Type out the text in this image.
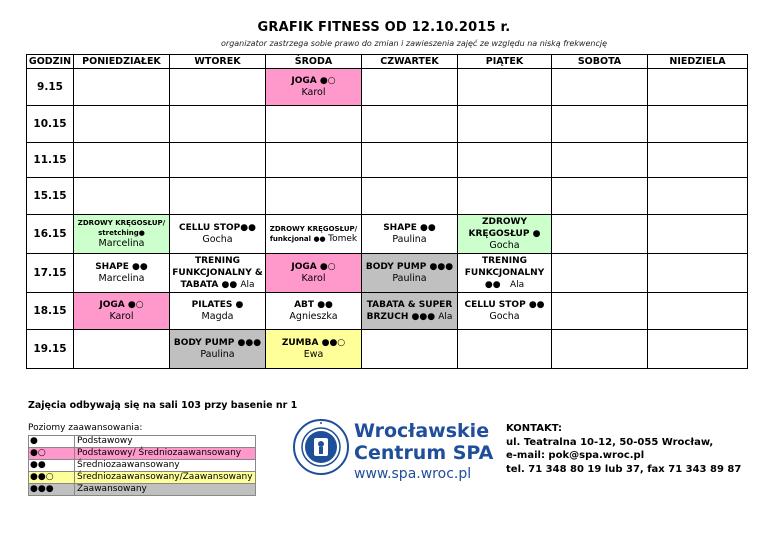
GRAFIK FITNESS OD 12.10.2015 r.
organizator zastrzega sobie prawo do zmian i zawieszenia zajęć ze względu na niską frekwencję
GODZIN	PONIEDZIAŁEK	WTOREK	ŚRODA	CZWARTEK	PIĄTEK	SOBOTA	NIEDZIELA
9.15			JOGA ●○
Karol				

10.15							
11.15							
15.15							
16.15	ZDROWY KRĘGOSŁUP/
stretching●
Marcelina	CELLU STOP●●
Gocha	ZDROWY KRĘGOSŁUP/
funkcjonal ●● Tomek	SHAPE ●●
Paulina	ZDROWY
KRĘGOSŁUP ●
Gocha		

17.15	SHAPE ●●
Marcelina	TRENING
FUNKCJONALNY &
TABATA ●● Ala	JOGA ●○
Karol	BODY PUMP ●●●
Paulina	TRENING
FUNKCJONALNY
●● Ala		

18.15	JOGA ●○
Karol	PILATES ●
Magda	ABT ●●
Agnieszka	TABATA & SUPER
BRZUCH ●●● Ala	CELLU STOP ●●
Gocha		

19.15		BODY PUMP ●●●
Paulina	ZUMBA ●●○
Ewa				

Zajęcia odbywają się na sali 103 przy basenie nr 1
Poziomy zaawansowania:
●	Podstawowy
●○	Podstawowy/ Średniozaawansowany
●●	Średniozaawansowany
●●○	Średniozaawansowany/Zaawansowany
●●●	Zaawansowany
Wrocławskie
Centrum SPA
www.spa.wroc.pl
KONTAKT:
ul. Teatralna 10-12, 50-055 Wrocław,
e-mail: pok@spa.wroc.pl
tel. 71 348 80 19 lub 37, fax 71 343 89 87
